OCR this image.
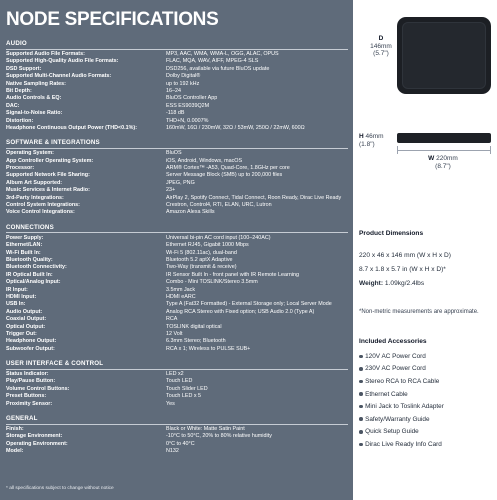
NODE SPECIFICATIONS
AUDIO
Supported Audio File Formats:	MP3, AAC, WMA, WMA-L, OGG, ALAC, OPUS
Supported High-Quality Audio File Formats:	FLAC, MQA, WAV, AIFF, MPEG-4 SLS
DSD Support:	DSD256, available via future BluOS update
Supported Multi-Channel Audio Formats:	Dolby Digital®
Native Sampling Rates:	up to 192 kHz
Bit Depth:	16–24
Audio Controls & EQ:	BluOS Controller App
DAC:	ESS ES9039Q2M
Signal-to-Noise Ratio:	-118 dB
Distortion:	THD+N, 0.0007%
Headphone Continuous Output Power (THD<0.1%):	160mW, 16Ω / 230mW, 32Ω / 53mW, 250Ω / 22mW, 600Ω
SOFTWARE & INTEGRATIONS
Operating System:	BluOS
App Controller Operating System:	iOS, Android, Windows, macOS
Processor:	ARM® Cortex™ -A53, Quad-Core, 1.8GHz per core
Supported Network File Sharing:	Server Message Block (SMB) up to 200,000 files
Album Art Supported:	JPEG, PNG
Music Services & Internet Radio:	23+
3rd-Party Integrations:	AirPlay 2, Spotify Connect, Tidal Connect, Roon Ready, Dirac Live Ready
Control System Integrations:	Crestron, Control4, RTI, ELAN, URC, Lutron
Voice Control Integrations:	Amazon Alexa Skills
CONNECTIONS
Power Supply:	Universal bi-pin AC cord input (100–240AC)
Ethernet/LAN:	Ethernet RJ45, Gigabit 1000 Mbps
Wi-Fi Built In:	Wi-Fi 5 (802.11ac), dual-band
Bluetooth Quality:	Bluetooth 5.2 aptX Adaptive
Bluetooth Connectivity:	Two-Way (transmit & receive)
IR Optical Built In:	IR Sensor Built In - front panel with IR Remote Learning
Optical/Analog Input:	Combo - Mini TOSLINK/Stereo 3.5mm
IR Input:	3.5mm Jack
HDMI Input:	HDMI eARC
USB In:	Type A (Fat32 Formatted) - External Storage only; Local Server Mode
Audio Output:	Analog RCA Stereo with Fixed option; USB Audio 2.0 (Type A)
Coaxial Output:	RCA
Optical Output:	TOSLINK digital optical
Trigger Out:	12 Volt
Headphone Output:	6.3mm Stereo; Bluetooth
Subwoofer Output:	RCA x 1; Wireless to PULSE SUB+
USER INTERFACE & CONTROL
Status Indicator:	LED x2
Play/Pause Button:	Touch LED
Volume Control Buttons:	Touch Slider LED
Preset Buttons:	Touch LED x 5
Proximity Sensor:	Yes
GENERAL
Finish:	Black or White: Matte Satin Paint
Storage Environment:	-10°C to 50°C, 20% to 80% relative humidity
Operating Environment:	0°C to 40°C
Model:	N132
* all specifications subject to change without notice
D
146mm
(5.7")
H 46mm
(1.8")
W 220mm
(8.7")
Product Dimensions
220 x 46 x 146 mm (W x H x D)
8.7 x 1.8 x 5.7 in (W x H x D)*
Weight: 1.09kg/2.4lbs
*Non-metric measurements are approximate.
Included Accessories
120V AC Power Cord
230V AC Power Cord
Stereo RCA to RCA Cable
Ethernet Cable
Mini Jack to Toslink Adapter
Safety/Warranty Guide
Quick Setup Guide
Dirac Live Ready Info Card
